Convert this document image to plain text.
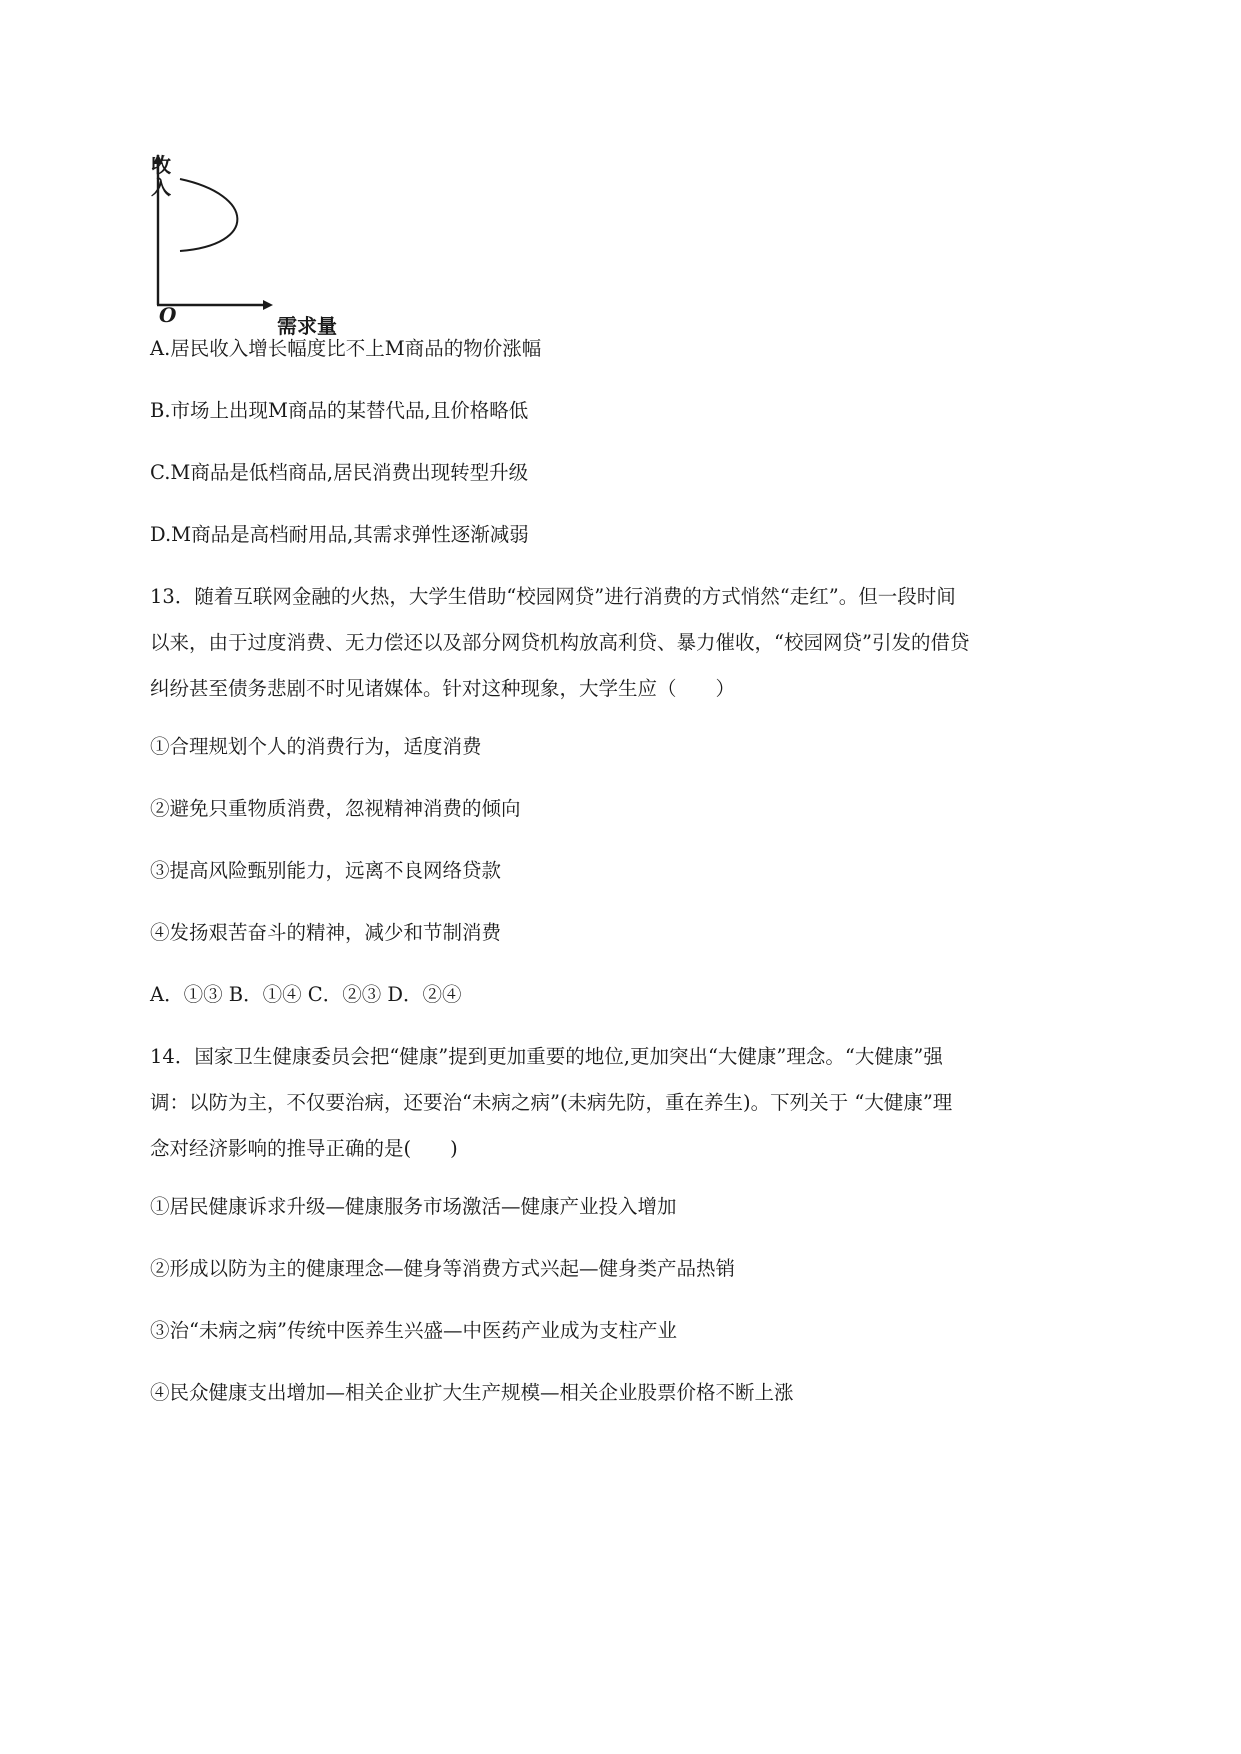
收入
O	需求量
A.居民收入增长幅度比不上M商品的物价涨幅
B.市场上出现M商品的某替代品,且价格略低
C.M商品是低档商品,居民消费出现转型升级
D.M商品是高档耐用品,其需求弹性逐渐减弱
13．随着互联网金融的火热，大学生借助“校园网贷”进行消费的方式悄然“走红”。但一段时间
以来，由于过度消费、无力偿还以及部分网贷机构放高利贷、暴力催收，“校园网贷”引发的借贷
纠纷甚至债务悲剧不时见诸媒体。针对这种现象，大学生应（　　）
①合理规划个人的消费行为，适度消费
②避免只重物质消费，忽视精神消费的倾向
③提高风险甄别能力，远离不良网络贷款
④发扬艰苦奋斗的精神，减少和节制消费
A．①③ B．①④ C．②③ D．②④
14．国家卫生健康委员会把“健康”提到更加重要的地位,更加突出“大健康”理念。“大健康”强
调：以防为主，不仅要治病，还要治“未病之病”(未病先防，重在养生)。下列关于 “大健康”理
念对经济影响的推导正确的是(　　)
①居民健康诉求升级—健康服务市场激活—健康产业投入增加
②形成以防为主的健康理念—健身等消费方式兴起—健身类产品热销
③治“未病之病”传统中医养生兴盛—中医药产业成为支柱产业
④民众健康支出增加—相关企业扩大生产规模—相关企业股票价格不断上涨
